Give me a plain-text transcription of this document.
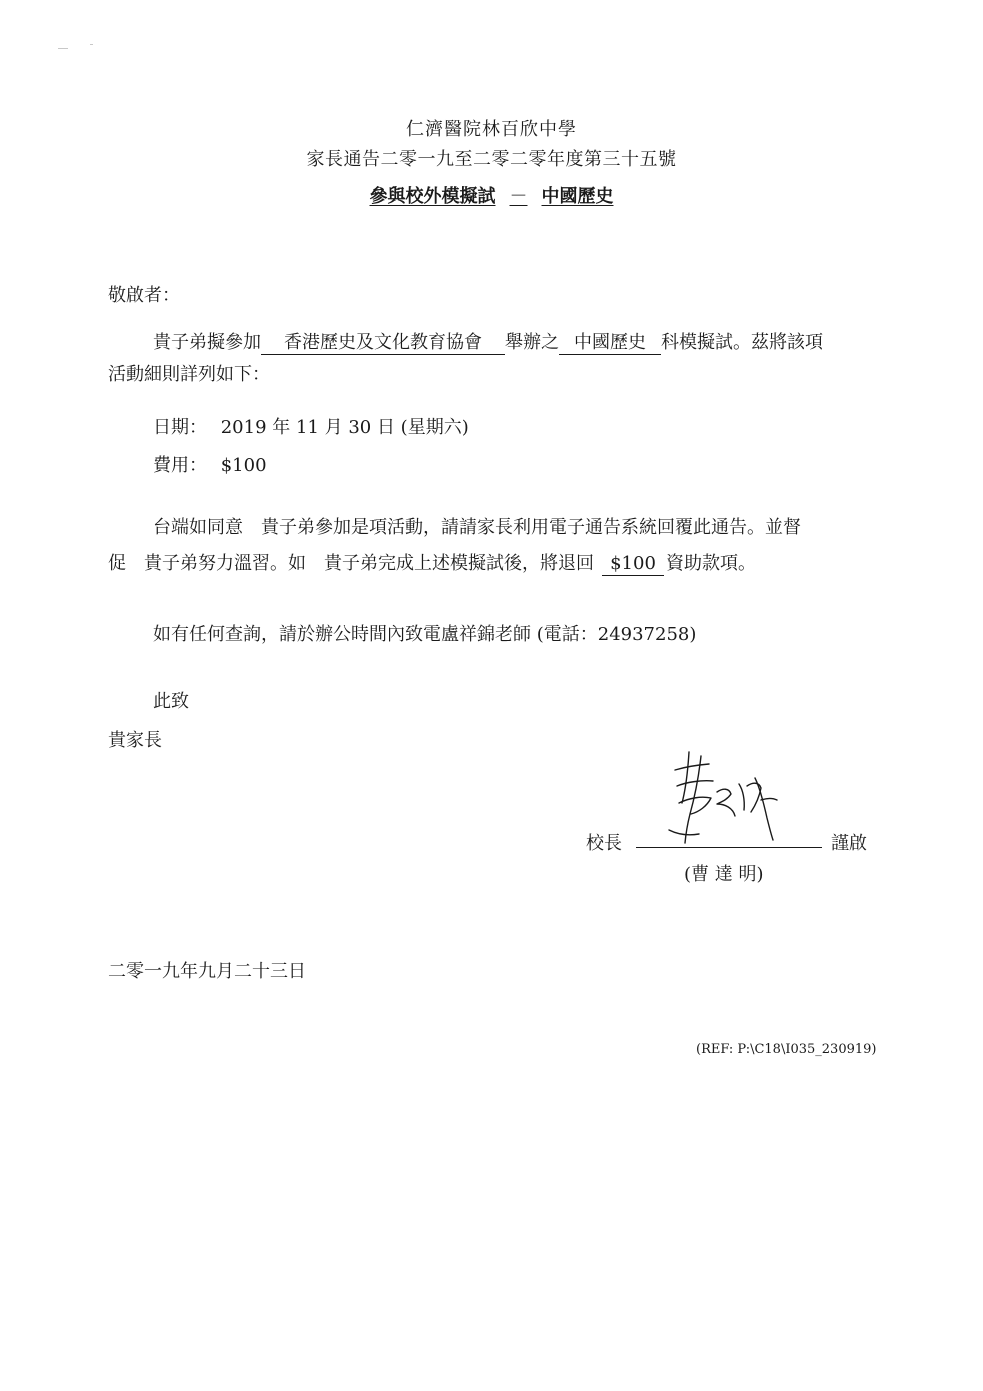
仁濟醫院林百欣中學
家長通告二零一九至二零二零年度第三十五號
參與校外模擬試 － 中國歷史
敬啟者：
貴子弟擬參加 香港歷史及文化教育協會 舉辦之 中國歷史 科模擬試。茲將該項
活動細則詳列如下：
日期： 2019 年 11 月 30 日 (星期六)
費用： $100
台端如同意　貴子弟參加是項活動，請請家長利用電子通告系統回覆此通告。並督
促　貴子弟努力溫習。如　貴子弟完成上述模擬試後，將退回 $100 資助款項。
如有任何查詢，請於辦公時間內致電盧祥錦老師 (電話：24937258)
此致
貴家長
校長	謹啟
(曹 達 明)
二零一九年九月二十三日
(REF: P:\C18\I035_230919)
